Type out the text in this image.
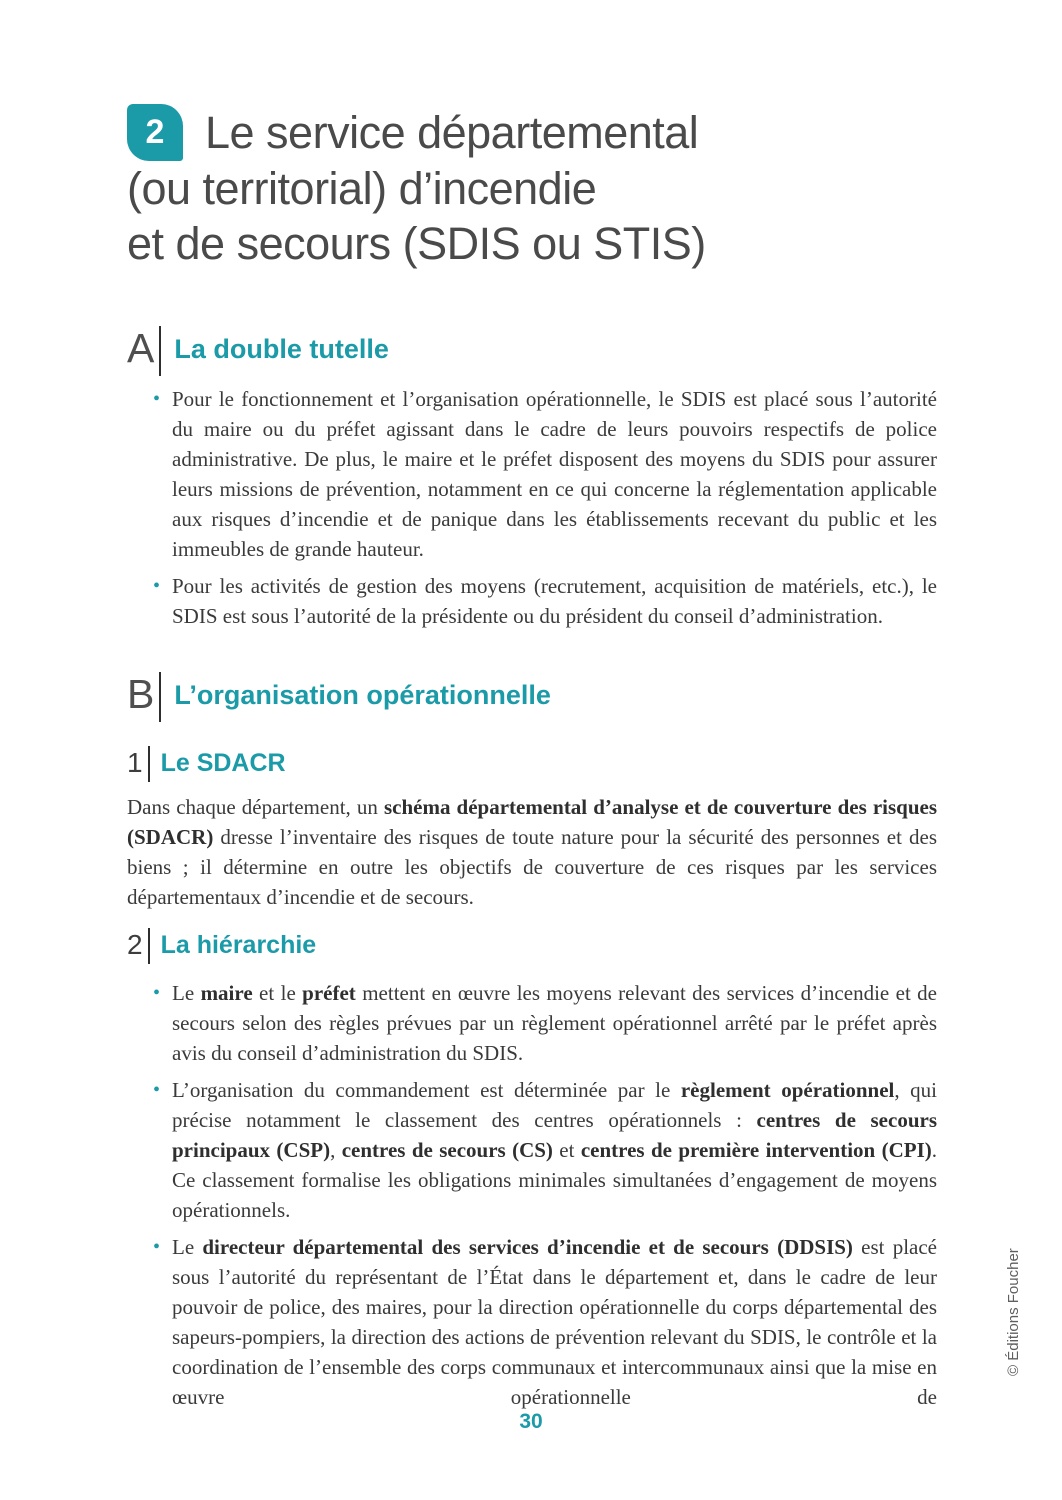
2 Le service départemental
(ou territorial) d’incendie
et de secours (SDIS ou STIS)
A La double tutelle
• Pour le fonctionnement et l’organisation opérationnelle, le SDIS est placé sous l’autorité du maire ou du préfet agissant dans le cadre de leurs pouvoirs respectifs de police administrative. De plus, le maire et le préfet disposent des moyens du SDIS pour assurer leurs missions de prévention, notamment en ce qui concerne la réglementation applicable aux risques d’incendie et de panique dans les établissements recevant du public et les immeubles de grande hauteur.
• Pour les activités de gestion des moyens (recrutement, acquisition de matériels, etc.), le SDIS est sous l’autorité de la présidente ou du président du conseil d’administration.
B L’organisation opérationnelle
1 Le SDACR

Dans chaque département, un schéma départemental d’analyse et de couverture des risques (SDACR) dresse l’inventaire des risques de toute nature pour la sécurité des personnes et des biens ; il détermine en outre les objectifs de couverture de ces risques par les services départementaux d’incendie et de secours.

2 La hiérarchie
• Le maire et le préfet mettent en œuvre les moyens relevant des services d’incendie et de secours selon des règles prévues par un règlement opérationnel arrêté par le préfet après avis du conseil d’administration du SDIS.
• L’organisation du commandement est déterminée par le règlement opérationnel, qui précise notamment le classement des centres opérationnels : centres de secours principaux (CSP), centres de secours (CS) et centres de première intervention (CPI). Ce classement formalise les obligations minimales simultanées d’engagement de moyens opérationnels.
• Le directeur départemental des services d’incendie et de secours (DDSIS) est placé sous l’autorité du représentant de l’État dans le département et, dans le cadre de leur pouvoir de police, des maires, pour la direction opérationnelle du corps départemental des sapeurs-pompiers, la direction des actions de prévention relevant du SDIS, le contrôle et la coordination de l’ensemble des corps communaux et intercommunaux ainsi que la mise en œuvre opérationnelle de
30
© Éditions Foucher
